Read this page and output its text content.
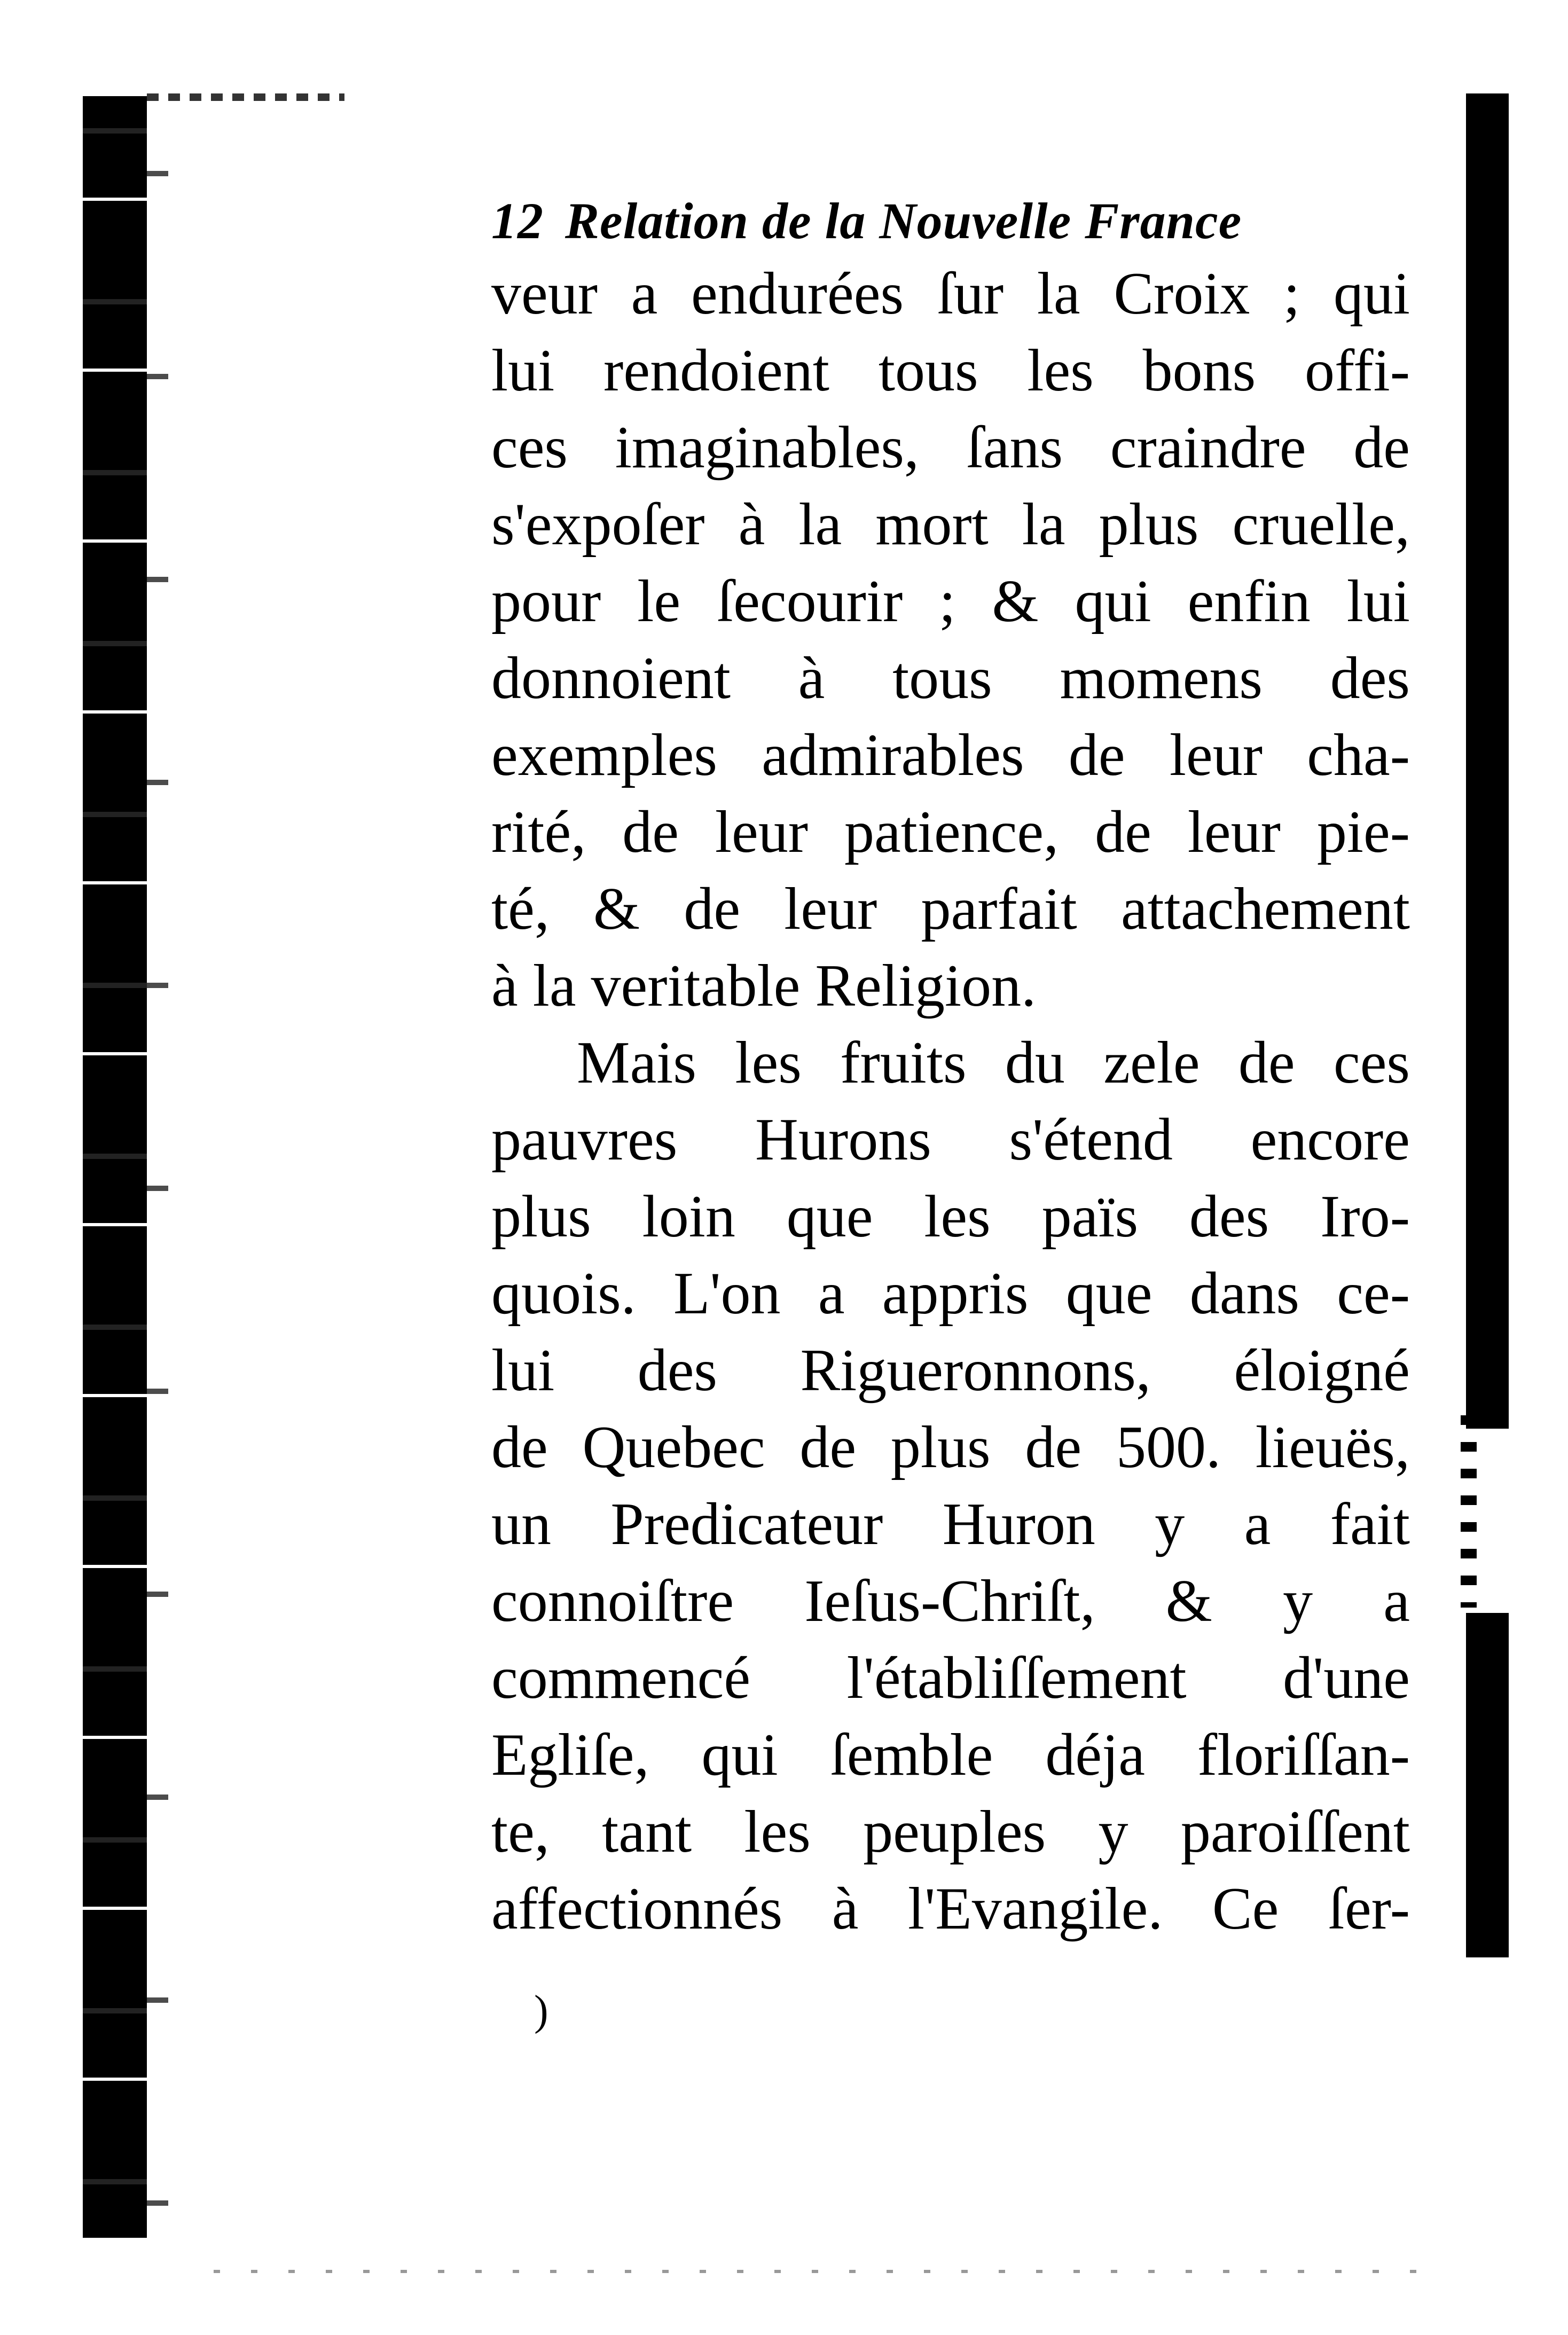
12 Relation de la Nouvelle France
veur a endurées ſur la Croix ; qui
lui rendoient tous les bons offi-
ces imaginables, ſans craindre de
s'expoſer à la mort la plus cruelle,
pour le ſecourir ; & qui enfin lui
donnoient à tous momens des
exemples admirables de leur cha-
rité, de leur patience, de leur pie-
té, & de leur parfait attachement
à la veritable Religion.
Mais les fruits du zele de ces
pauvres Hurons s'étend encore
plus loin que les païs des Iro-
quois. L'on a appris que dans ce-
lui des Rigueronnons, éloigné
de Quebec de plus de 500. lieuës,
un Predicateur Huron y a fait
connoiſtre Ieſus-Chriſt, & y a
commencé l'établiſſement d'une
Egliſe, qui ſemble déja floriſſan-
te, tant les peuples y paroiſſent
affectionnés à l'Evangile. Ce ſer-
)
